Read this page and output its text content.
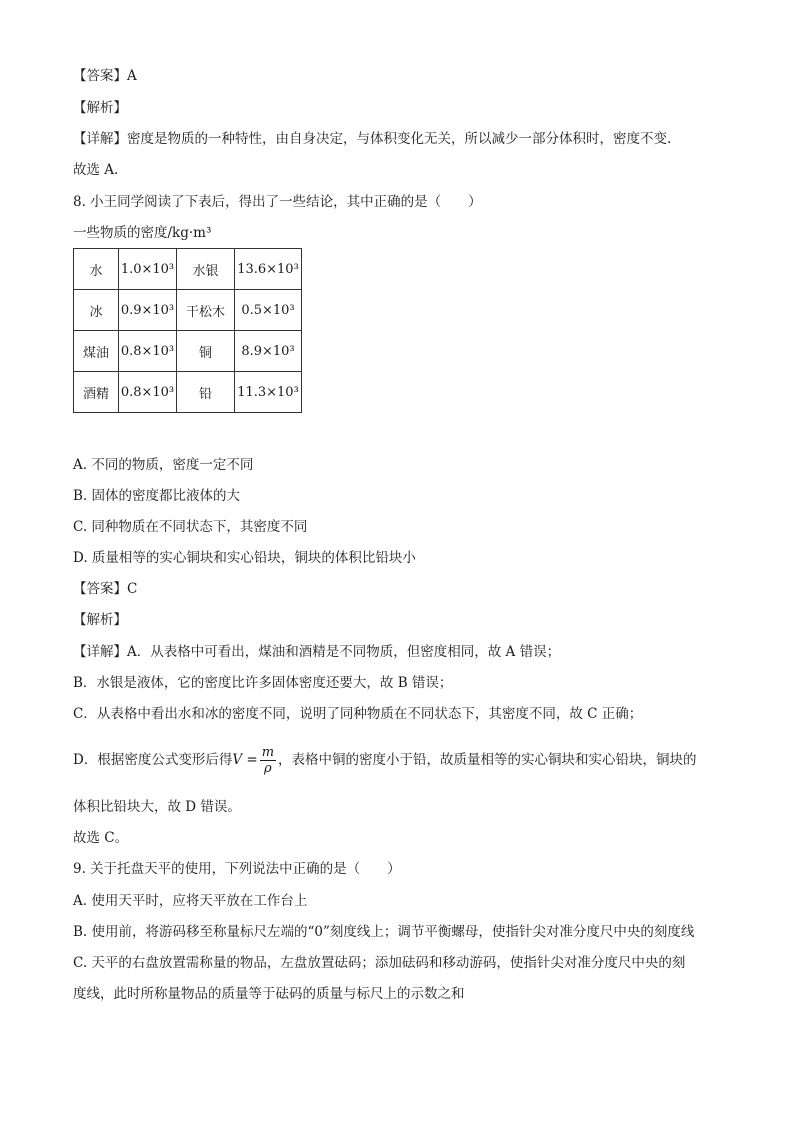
【答案】A
【解析】
【详解】密度是物质的一种特性，由自身决定，与体积变化无关，所以减少一部分体积时，密度不变.
故选 A.
8. 小王同学阅读了下表后，得出了一些结论，其中正确的是（　　）
一些物质的密度/kg·m³
水	1.0×10³	水银	13.6×10³
冰	0.9×10³	干松木	0.5×10³
煤油	0.8×10³	铜	8.9×10³
酒精	0.8×10³	铅	11.3×10³
A. 不同的物质，密度一定不同
B. 固体的密度都比液体的大
C. 同种物质在不同状态下，其密度不同
D. 质量相等的实心铜块和实心铅块，铜块的体积比铅块小
【答案】C
【解析】
【详解】A．从表格中可看出，煤油和酒精是不同物质，但密度相同，故 A 错误；
B．水银是液体，它的密度比许多固体密度还要大，故 B 错误；
C．从表格中看出水和冰的密度不同，说明了同种物质在不同状态下，其密度不同，故 C 正确；
D．根据密度公式变形后得$V = \frac{m}{\rho}$ ，表格中铜的密度小于铅，故质量相等的实心铜块和实心铅块，铜块的
体积比铅块大，故 D 错误。
故选 C。
9. 关于托盘天平的使用，下列说法中正确的是（　　）
A. 使用天平时，应将天平放在工作台上
B. 使用前，将游码移至称量标尺左端的“0”刻度线上；调节平衡螺母，使指针尖对准分度尺中央的刻度线
C. 天平的右盘放置需称量的物品，左盘放置砝码；添加砝码和移动游码，使指针尖对准分度尺中央的刻
度线，此时所称量物品的质量等于砝码的质量与标尺上的示数之和
